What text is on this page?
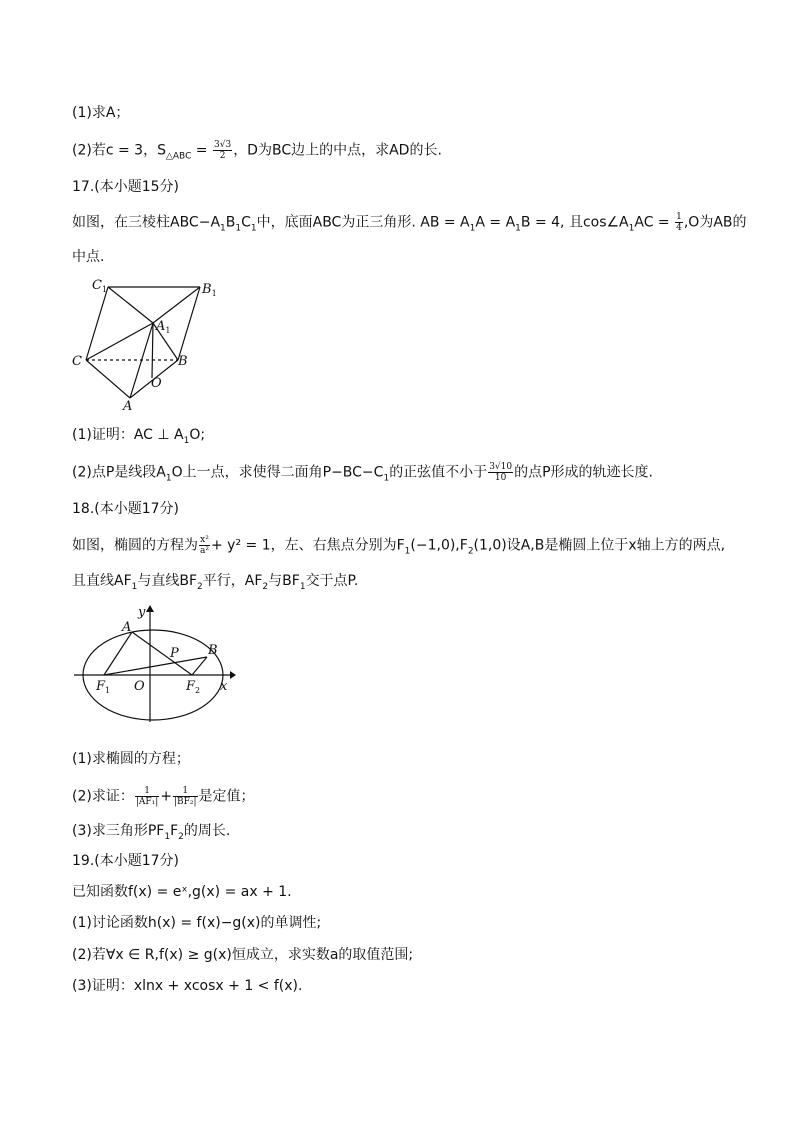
(1)求A；
(2)若c = 3，$S_{\triangle ABC} = \frac{3√3}{2}$ ，D为BC边上的中点，求AD的长.
17.(本小题15分)
如图，在三棱柱$ABC-A_1B_1C_1$中，底面ABC为正三角形. AB = $A_1A = A_1B = 4$, 且$\cos\angle A_1AC = \frac{1}{4} ,O$为AB的
中点.
$C_1$	$B_1$
$A_1$
C	B
O
A
(1)证明：AC ⊥ $A_1O$;
(2)点P是线段$A_1O$上一点，求使得二面角$P-BC-C_1$的正弦值不小于 $\frac{3√10}{10}$ 的点P形成的轨迹长度.
18.(本小题17分)
如图，椭圆的方程为 $\frac{\text{x²}}{\text{a²}} + y^2 = 1$，左、右焦点分别为$F_1(-1,0),F_2(1,0)$设A,B是椭圆上位于x轴上方的两点,
且直线$AF_1$与直线$BF_2$平行，$AF_2$与$BF_1$交于点P.
y
x
A
B
P
O
$F_1$	$F_2$
(1)求椭圆的方程；
(2)求证： $\frac{1}{\text{|AF₁|}} + \frac{1}{\text{|BF₂|}}$ 是定值；
(3)求三角形$PF_1F_2$的周长.
19.(本小题17分)
已知函数f(x) = eˣ,g(x) = ax + 1.
(1)讨论函数h(x) = f(x)−g(x)的单调性;
(2)若∀x ∈ R,f(x) ≥ g(x)恒成立，求实数a的取值范围;
(3)证明：xlnx + xcosx + 1 < f(x).
